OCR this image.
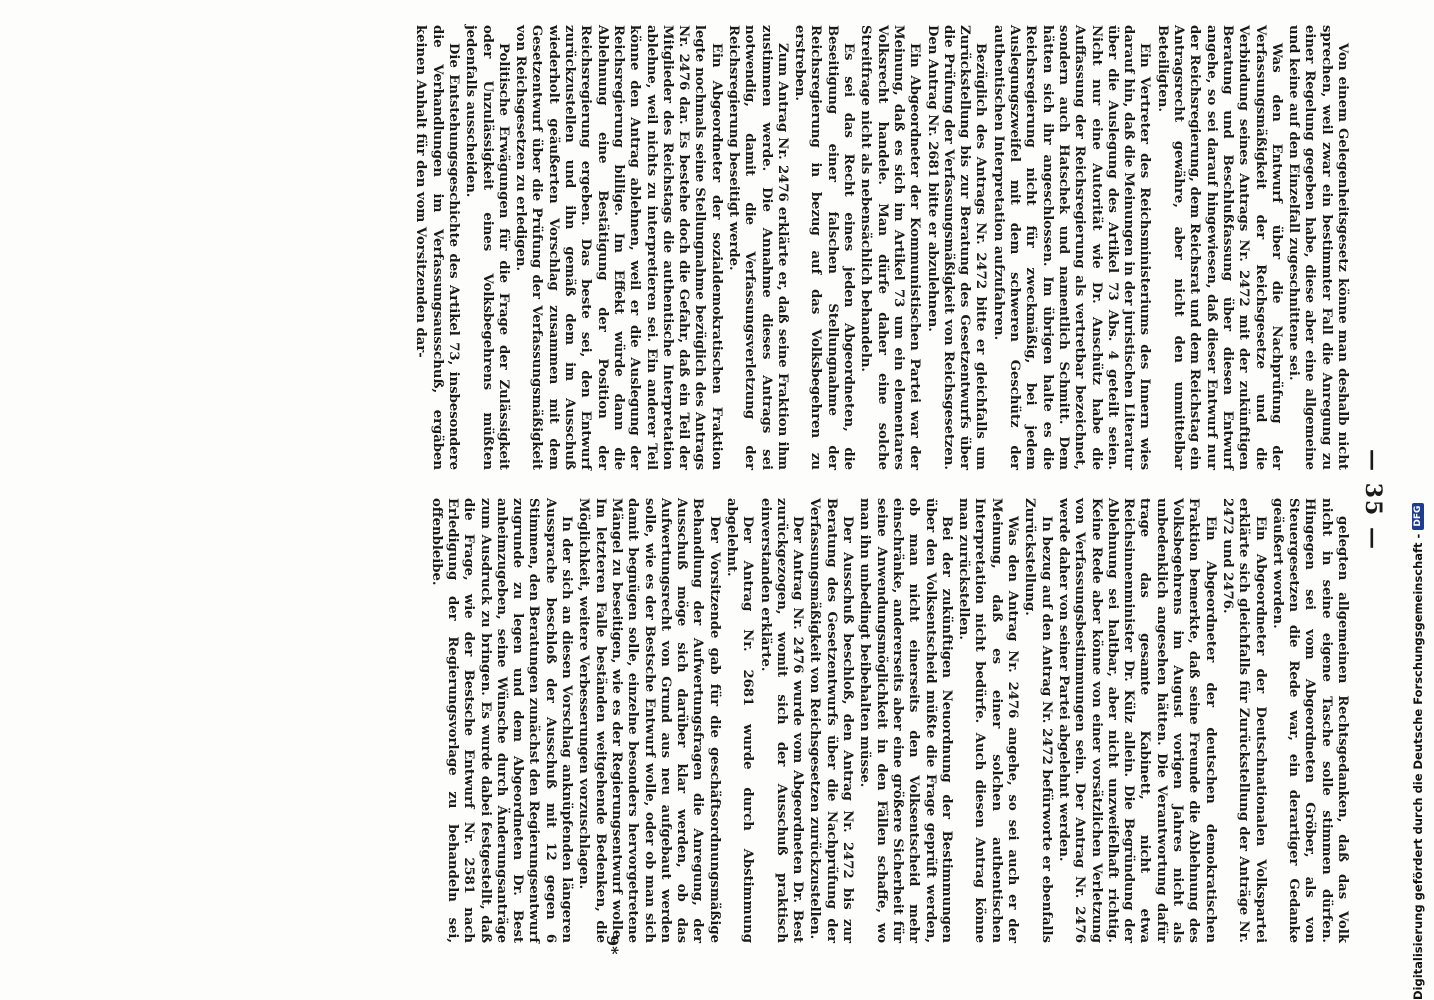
— 35 —

Von einem Gelegenheitsgesetz könne man deshalb nicht sprechen, weil zwar ein bestimmter Fall die Anregung zu einer Regelung gegeben habe, diese aber eine allgemeine und keine auf den Einzelfall zugeschnittene sei.

Was den Entwurf über die Nachprüfung der Verfassungsmäßigkeit der Reichsgesetze und die Verbindung seines Antrags Nr. 2472 mit der zukünftigen Beratung und Beschlußfassung über diesen Entwurf angehe, so sei darauf hingewiesen, daß dieser Entwurf nur der Reichsregierung, dem Reichsrat und dem Reichstag ein Antragsrecht gewähre, aber nicht den unmittelbar Beteiligten.

Ein Vertreter des Reichsministeriums des Innern wies darauf hin, daß die Meinungen in der juristischen Literatur über die Auslegung des Artikel 73 Abs. 4 geteilt seien. Nicht nur eine Autorität wie Dr. Anschütz habe die Auffassung der Reichsregierung als vertretbar bezeichnet, sondern auch Hatschek und namentlich Schmitt. Dem hätten sich ihr angeschlossen. Im übrigen halte es die Reichsregierung nicht für zweckmäßig, bei jedem Auslegungszweifel mit dem schweren Geschütz der authentischen Interpretation aufzufahren.

Bezüglich des Antrags Nr. 2472 bitte er gleichfalls um Zurückstellung bis zur Beratung des Gesetzentwurfs über die Prüfung der Verfassungsmäßigkeit von Reichsgesetzen. Den Antrag Nr. 2681 bitte er abzulehnen.

Ein Abgeordneter der Kommunistischen Partei war der Meinung, daß es sich im Artikel 73 um ein elementares Volksrecht handele. Man dürfe daher eine solche Streitfrage nicht als nebensächlich behandeln.

Es sei das Recht eines jeden Abgeordneten, die Beseitigung einer falschen Stellungnahme der Reichsregierung in bezug auf das Volksbegehren zu erstreben.

Zum Antrag Nr. 2476 erklärte er, daß seine Fraktion ihm zustimmen werde. Die Annahme dieses Antrags sei notwendig, damit die Verfassungsverletzung der Reichsregierung beseitigt werde.

Ein Abgeordneter der sozialdemokratischen Fraktion legte nochmals seine Stellungnahme bezüglich des Antrags Nr. 2476 dar. Es bestehe doch die Gefahr, daß ein Teil der Mitglieder des Reichstags die authentische Interpretation ablehne, weil nichts zu interpretieren sei. Ein anderer Teil könne den Antrag ablehnen, weil er die Auslegung der Reichsregierung billige. Im Effekt würde dann die Ablehnung eine Bestätigung der Position der Reichsregierung ergeben. Das beste sei, den Entwurf zurückzustellen und ihn gemäß dem im Ausschuß wiederholt geäußerten Vorschlag zusammen mit dem Gesetzentwurf über die Prüfung der Verfassungsmäßigkeit von Reichsgesetzen zu erledigen.

Politische Erwägungen für die Frage der Zulässigkeit oder Unzulässigkeit eines Volksbegehrens müßten jedenfalls ausscheiden.

Die Entstehungsgeschichte des Artikel 73, insbesondere die Verhandlungen im Verfassungsausschuß, ergäben keinen Anhalt für den vom Vorsitzenden dar-

gelegten allgemeinen Rechtsgedanken, daß das Volk nicht in seine eigene Tasche solle stimmen dürfen. Hingegen sei vom Abgeordneten Gröber, als von Steuergesetzen die Rede war, ein derartiger Gedanke geäußert worden.

Ein Abgeordneter der Deutschnationalen Volkspartei erklärte sich gleichfalls für Zurückstellung der Anträge Nr. 2472 und 2476.

Ein Abgeordneter der deutschen demokratischen Fraktion bemerkte, daß seine Freunde die Ablehnung des Volksbegehrens im August vorigen Jahres nicht als unbedenklich angesehen hätten. Die Verantwortung dafür trage das gesamte Kabinett, nicht etwa Reichsinnenminister Dr. Külz allein. Die Begründung der Ablehnung sei haltbar, aber nicht unzweifelhaft richtig. Keine Rede aber könne von einer vorsätzlichen Verletzung von Verfassungsbestimmungen sein. Der Antrag Nr. 2476 werde daher von seiner Partei abgelehnt werden.

In bezug auf den Antrag Nr. 2472 befürworte er ebenfalls Zurückstellung.

Was den Antrag Nr. 2476 angehe, so sei auch er der Meinung, daß es einer solchen authentischen Interpretation nicht bedürfe. Auch diesen Antrag könne man zurückstellen.

Bei der zukünftigen Neuordnung der Bestimmungen über den Volksentscheid müßte die Frage geprüft werden, ob man nicht einerseits den Volksentscheid mehr einschränke, andererseits aber eine größere Sicherheit für seine Anwendungsmöglichkeit in den Fällen schaffe, wo man ihn unbedingt beibehalten müsse.

Der Ausschuß beschloß, den Antrag Nr. 2472 bis zur Beratung des Gesetzentwurfs über die Nachprüfung der Verfassungsmäßigkeit von Reichsgesetzen zurückzustellen.

Der Antrag Nr. 2476 wurde vom Abgeordneten Dr. Best zurückgezogen, womit sich der Ausschuß praktisch einverstanden erklärte.

Der Antrag Nr. 2681 wurde durch Abstimmung abgelehnt.

Der Vorsitzende gab für die geschäftsordnungsmäßige Behandlung der Aufwertungsfragen die Anregung, der Ausschuß möge sich darüber klar werden, ob das Aufwertungsrecht von Grund aus neu aufgebaut werden solle, wie es der Bestsche Entwurf wolle, oder ob man sich damit begnügen solle, einzelne besonders hervorgetretene Mängel zu beseitigen, wie es der Regierungsentwurf wolle. Im letzteren Falle beständen weitgehende Bedenken, die Möglichkeit, weitere Verbesserungen vorzuschlagen.

In der sich an diesen Vorschlag anknüpfenden längeren Aussprache beschloß der Ausschuß mit 12 gegen 6 Stimmen, den Beratungen zunächst den Regierungsentwurf zugrunde zu legen und dem Abgeordneten Dr. Best anheimzugeben, seine Wünsche durch Änderungsanträge zum Ausdruck zu bringen. Es wurde dabei festgestellt, daß die Frage, wie der Bestsche Entwurf Nr. 2581 nach Erledigung der Regierungsvorlage zu behandeln sei, offenbleibe.

9*	Digitalisierung gefördert durch die Deutsche Forschungsgemeinschaft -
DFG
